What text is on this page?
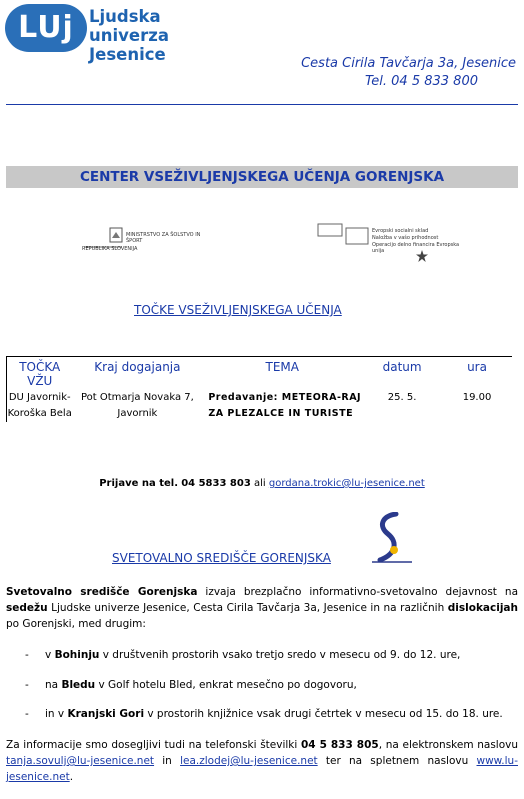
LUj Ljudska univerza
Jesenice	Cesta Cirila Tavčarja 3a, Jesenice
Tel. 04 5 833 800
CENTER VSEŽIVLJENJSKEGA UČENJA GORENJSKA
REPUBLIKA SLOVENIJA
MINISTRSTVO ZA ŠOLSTVO IN ŠPORT
Evropski socialni sklad
Naložba v vašo prihodnost
Operacijo delno financira Evropska unija
TOČKE VSEŽIVLJENJSKEGA UČENJA
TOČKA VŽU	Kraj dogajanja	TEMA	datum	ura
DU Javornik-Koroška Bela	Pot Otmarja Novaka 7, Javornik	Predavanje: METEORA-RAJ ZA PLEZALCE IN TURISTE	25. 5.	19.00
Prijave na tel. 04 5833 803 ali gordana.trokic@lu-jesenice.net
SVETOVALNO SREDIŠČE GORENJSKA
Svetovalno središče Gorenjska izvaja brezplačno informativno-svetovalno dejavnost na sedežu Ljudske univerze Jesenice, Cesta Cirila Tavčarja 3a, Jesenice in na različnih dislokacijah po Gorenjski, med drugim:
- v Bohinju v društvenih prostorih vsako tretjo sredo v mesecu od 9. do 12. ure,
- na Bledu v Golf hotelu Bled, enkrat mesečno po dogovoru,
- in v Kranjski Gori v prostorih knjižnice vsak drugi četrtek v mesecu od 15. do 18. ure.
Za informacije smo dosegljivi tudi na telefonski številki 04 5 833 805, na elektronskem naslovu tanja.sovulj@lu-jesenice.net in lea.zlodej@lu-jesenice.net ter na spletnem naslovu www.lu-jesenice.net.
